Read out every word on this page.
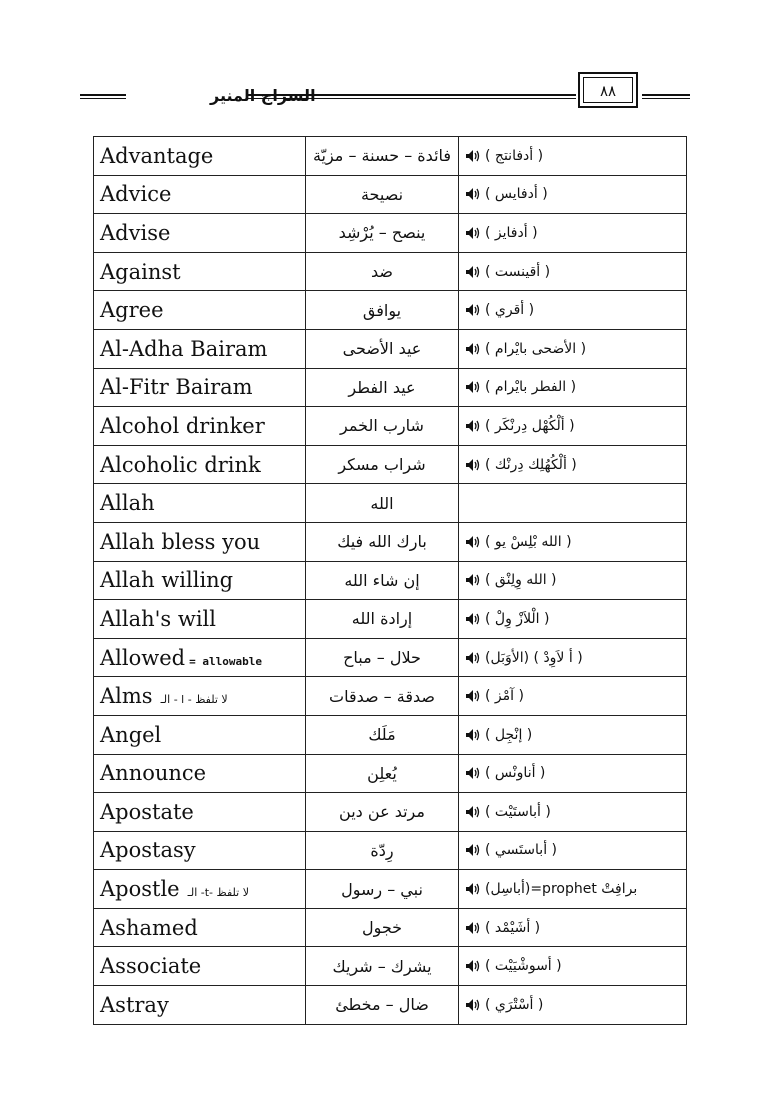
السراج المنير	٨٨
Advantage	فائدة – حسنة – مزيّة	( أدفانتج )
Advice	نصيحة	( أدفايس )
Advise	ينصح – يُرْشِد	( أدفايز )
Against	ضد	( أقينست )
Agree	يوافق	( أقري )
Al-Adha Bairam	عيد الأضحى	( الأضحى بايْرام )
Al-Fitr Bairam	عيد الفطر	( الفطر بايْرام )
Alcohol drinker	شارب الخمر	( ألْكُهْل دِرنْكَر )
Alcoholic drink	شراب مسكر	( ألْكُهُلِك دِرنْك )
Allah	الله	
Allah bless you	بارك الله فيك	( الله بْلِسْ يو )
Allah willing	إن شاء الله	( الله وِلِنْق )
Allah's will	إرادة الله	( الْلاَزْ وِلْ )
Allowed = allowable	حلال – مباح	(الأوَبَل) ( أ لاَوِدْ )
Alms الـ - l - لا تلفظ	صدقة – صدقات	( آمْز )
Angel	مَلَك	( إنْجِل )
Announce	يُعلِن	( أناونْس )
Apostate	مرتد عن دين	( أباستَيْت )
Apostasy	رِدّة	( أباستَسي )
Apostle الـ -t- لا تلفظ	نبي – رسول	(أباسِل)=prophet برافِتْ
Ashamed	خجول	( أشَيْمْد )
Associate	يشرك – شريك	( أسوشْيَيْت )
Astray	ضال – مخطئ	( أسْتْرَي )
